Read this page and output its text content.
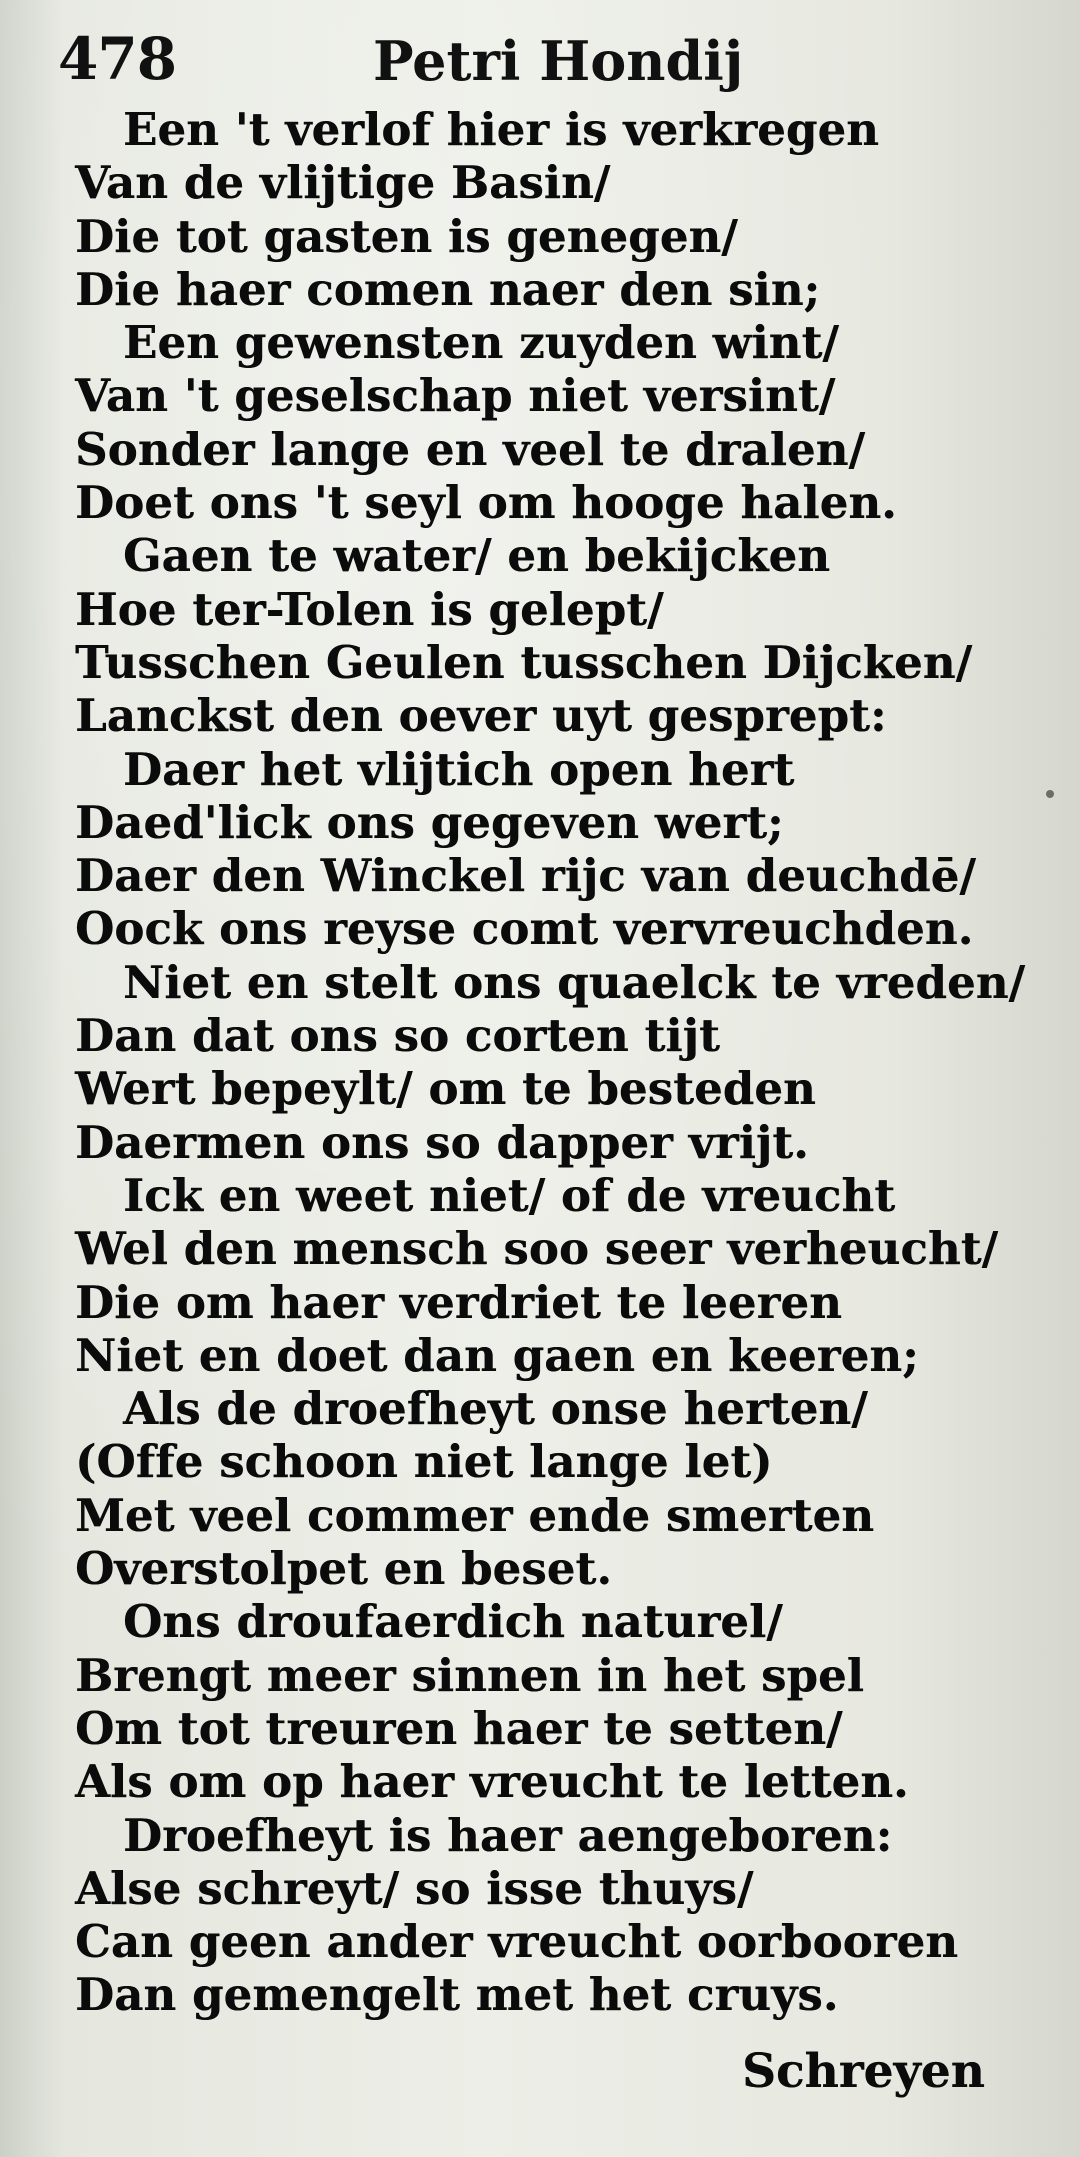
478	Petri Hondij
Een 't verlof hier is verkregen
Van de vlijtige Basin/
Die tot gasten is genegen/
Die haer comen naer den sin;
Een gewensten zuyden wint/
Van 't geselschap niet versint/
Sonder lange en veel te dralen/
Doet ons 't seyl om hooge halen.
Gaen te water/ en bekijcken
Hoe ter-Tolen is gelept/
Tusschen Geulen tusschen Dijcken/
Lanckst den oever uyt gesprept:
Daer het vlijtich open hert
Daed'lick ons gegeven wert;
Daer den Winckel rijc van deuchdē/
Oock ons reyse comt vervreuchden.
Niet en stelt ons quaelck te vreden/
Dan dat ons so corten tijt
Wert bepeylt/ om te besteden
Daermen ons so dapper vrijt.
Ick en weet niet/ of de vreucht
Wel den mensch soo seer verheucht/
Die om haer verdriet te leeren
Niet en doet dan gaen en keeren;
Als de droefheyt onse herten/
(Offe schoon niet lange let)
Met veel commer ende smerten
Overstolpet en beset.
Ons droufaerdich naturel/
Brengt meer sinnen in het spel
Om tot treuren haer te setten/
Als om op haer vreucht te letten.
Droefheyt is haer aengeboren:
Alse schreyt/ so isse thuys/
Can geen ander vreucht oorbooren
Dan gemengelt met het cruys.
Schreyen
